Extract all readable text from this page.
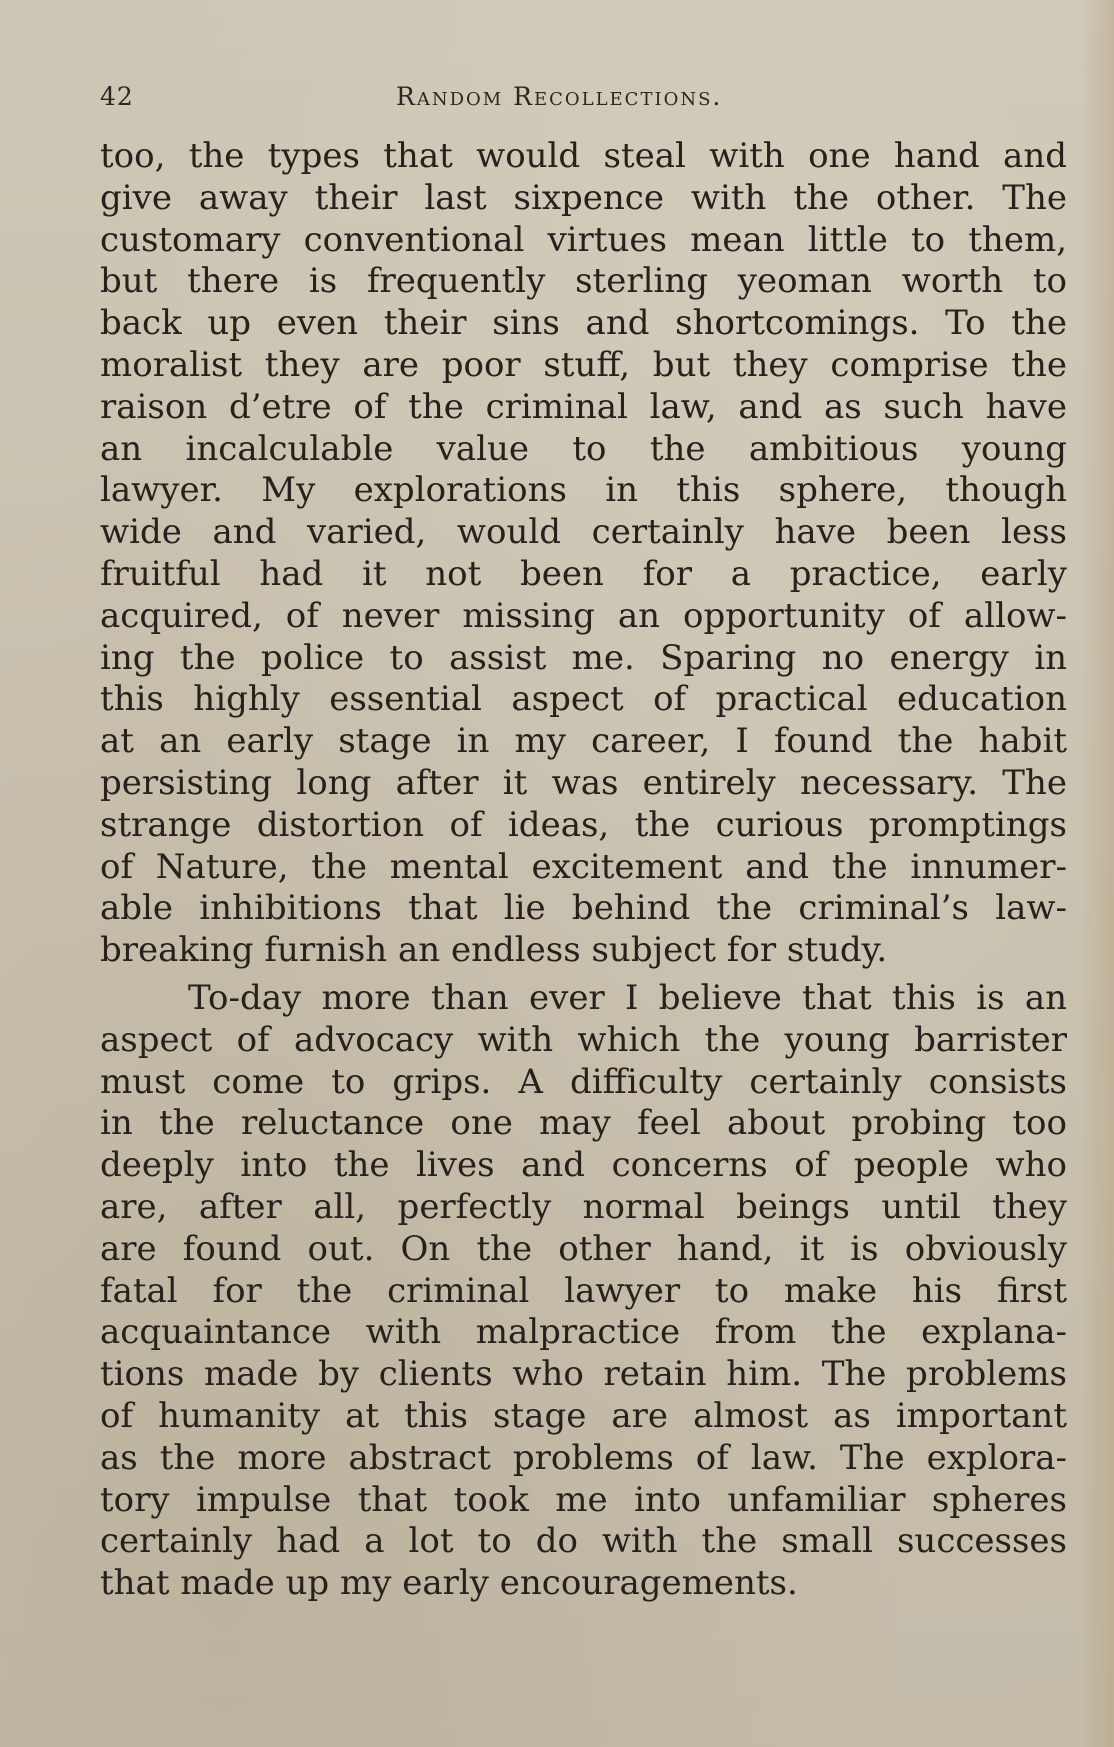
42	Random Recollections.
too, the types that would steal with one hand and
give away their last sixpence with the other. The
customary conventional virtues mean little to them,
but there is frequently sterling yeoman worth to
back up even their sins and shortcomings. To the
moralist they are poor stuff, but they comprise the
raison d’etre of the criminal law, and as such have
an incalculable value to the ambitious young
lawyer. My explorations in this sphere, though
wide and varied, would certainly have been less
fruitful had it not been for a practice, early
acquired, of never missing an opportunity of allow-
ing the police to assist me. Sparing no energy in
this highly essential aspect of practical education
at an early stage in my career, I found the habit
persisting long after it was entirely necessary. The
strange distortion of ideas, the curious promptings
of Nature, the mental excitement and the innumer-
able inhibitions that lie behind the criminal’s law-
breaking furnish an endless subject for study.
To-day more than ever I believe that this is an
aspect of advocacy with which the young barrister
must come to grips. A difficulty certainly consists
in the reluctance one may feel about probing too
deeply into the lives and concerns of people who
are, after all, perfectly normal beings until they
are found out. On the other hand, it is obviously
fatal for the criminal lawyer to make his first
acquaintance with malpractice from the explana-
tions made by clients who retain him. The problems
of humanity at this stage are almost as important
as the more abstract problems of law. The explora-
tory impulse that took me into unfamiliar spheres
certainly had a lot to do with the small successes
that made up my early encouragements.
